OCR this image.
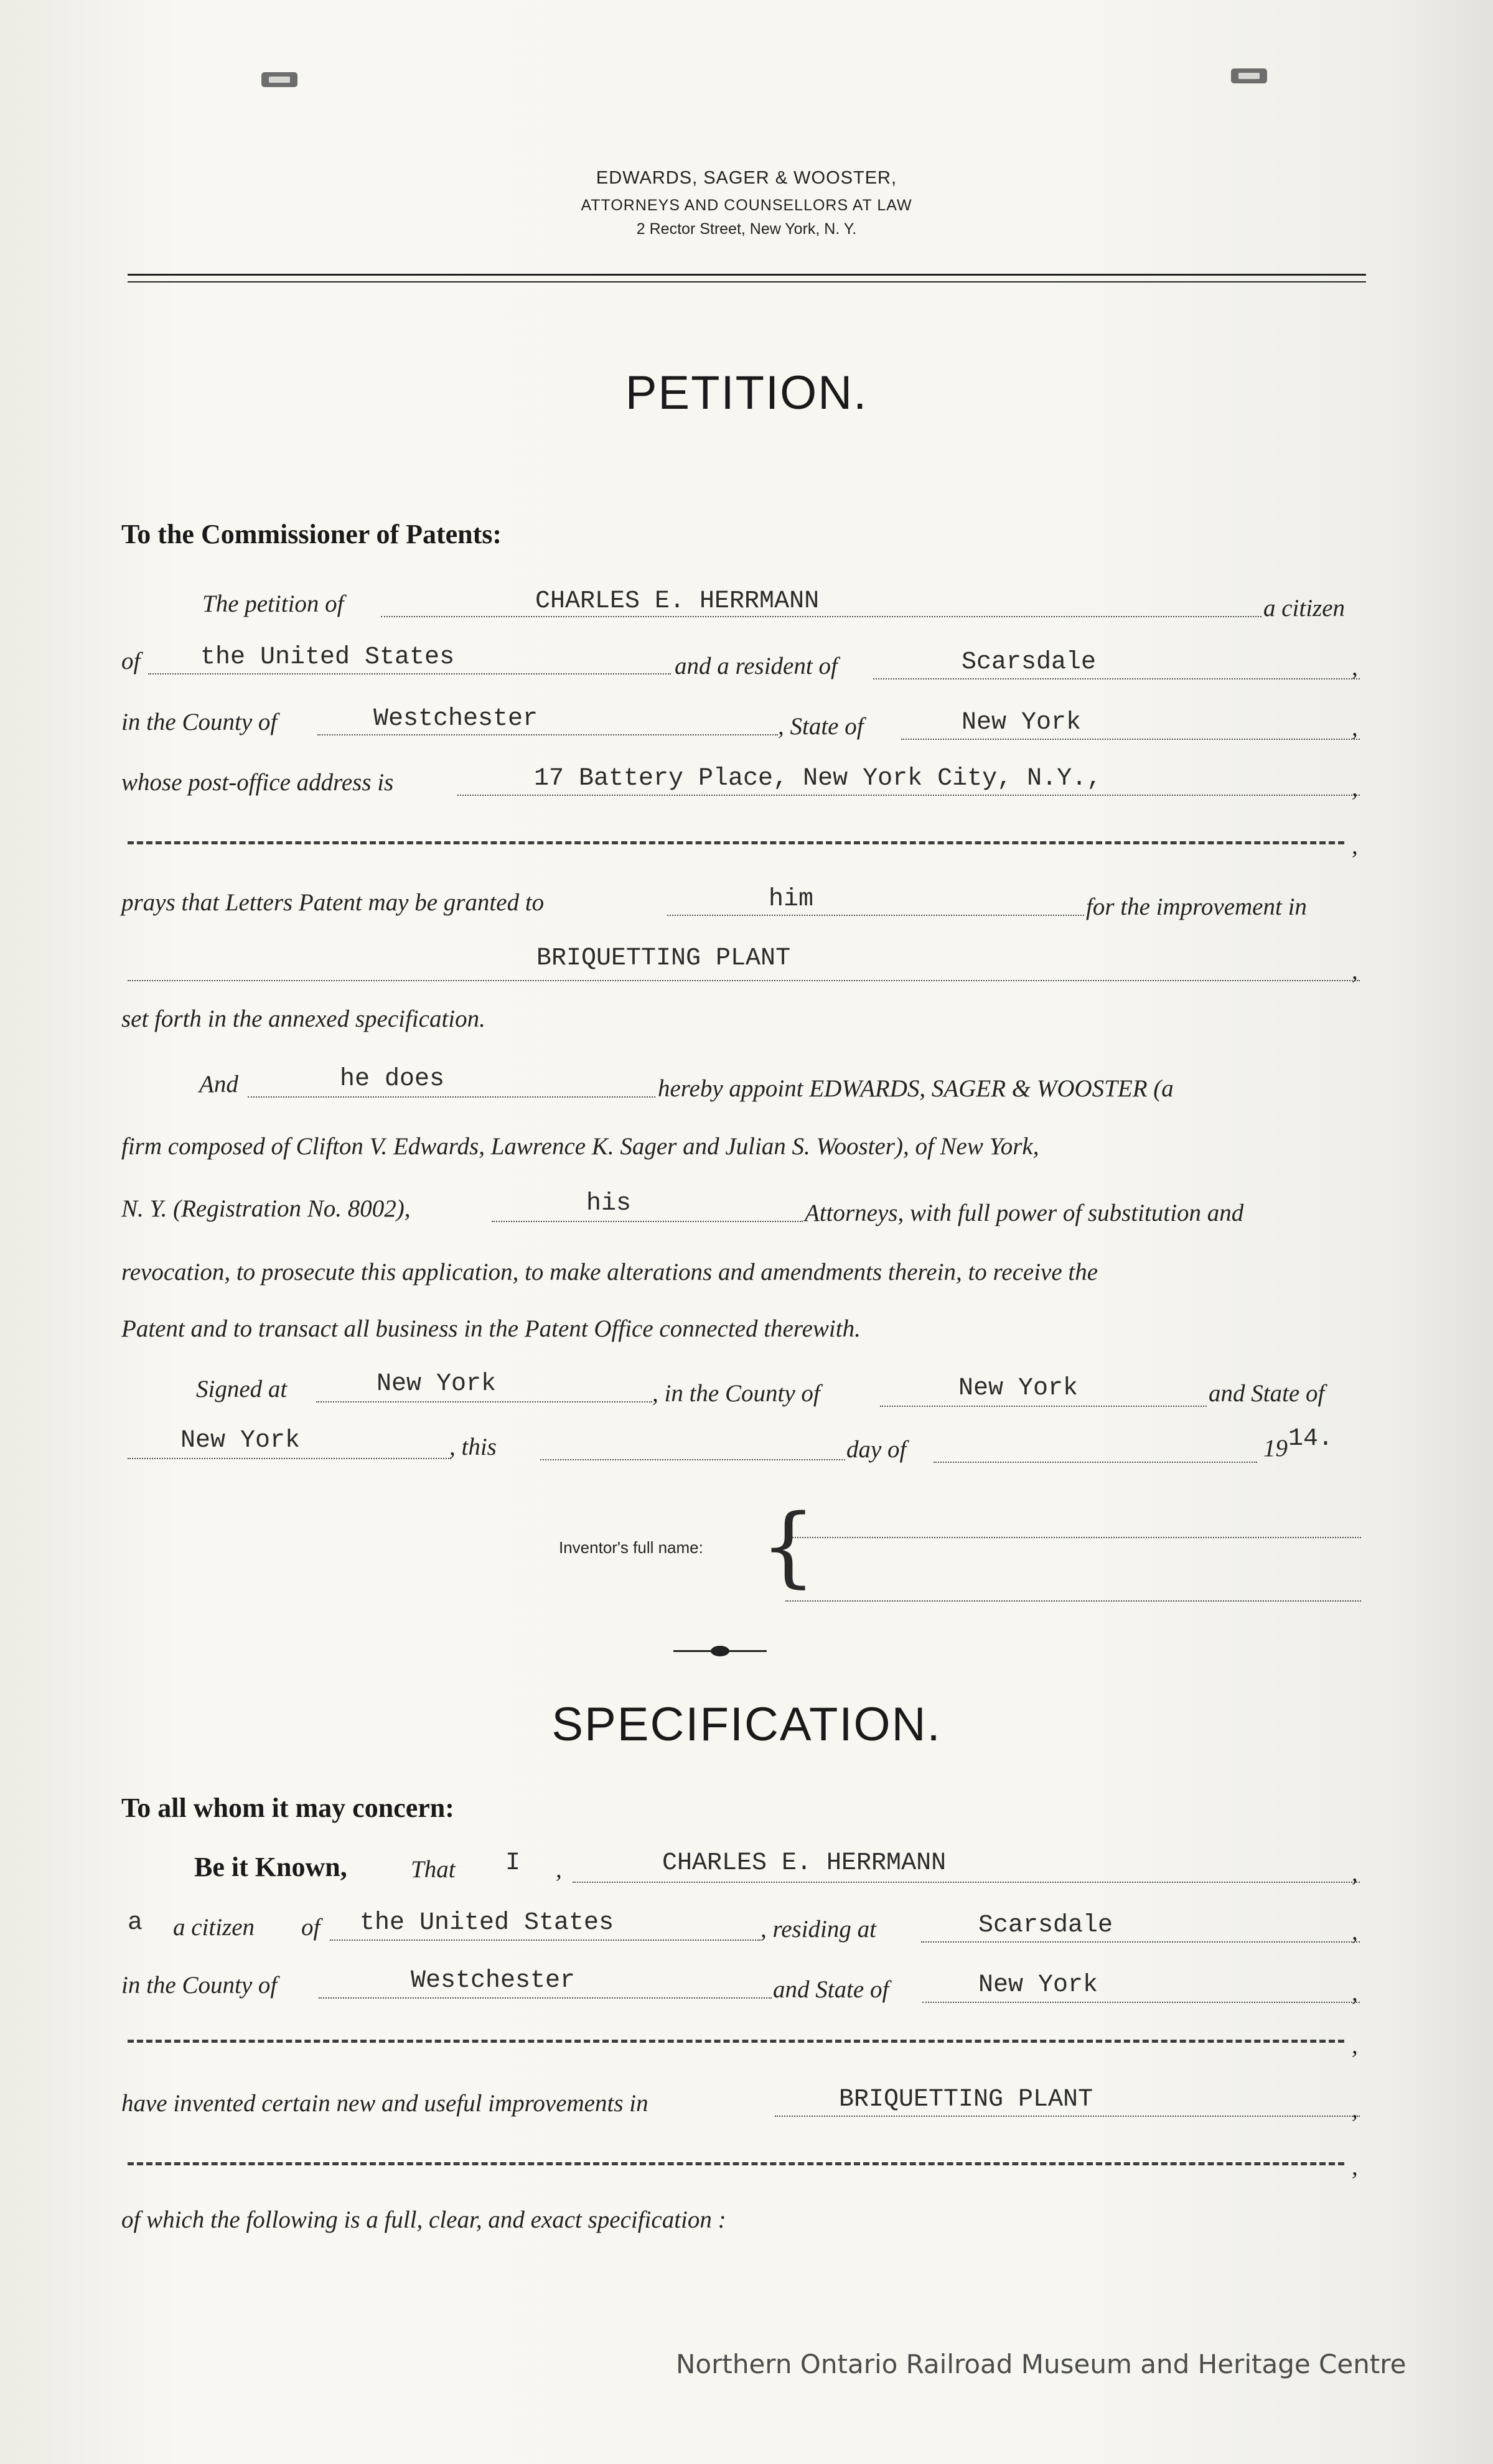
EDWARDS, SAGER & WOOSTER,
ATTORNEYS AND COUNSELLORS AT LAW
2 Rector Street, New York, N. Y.
PETITION.
To the Commissioner of Patents:
The petition of	CHARLES E. HERRMANN	a citizen
of the United States	and a resident of	Scarsdale	,
in the County of	Westchester	, State of	New York	,
whose post-office address is	17 Battery Place, New York City, N.Y.,	,
,
prays that Letters Patent may be granted to	him	for the improvement in
BRIQUETTING PLANT	,
set forth in the annexed specification.
And	he does	hereby appoint EDWARDS, SAGER & WOOSTER (a
firm composed of Clifton V. Edwards, Lawrence K. Sager and Julian S. Wooster), of New York,
N. Y. (Registration No. 8002),	his	Attorneys, with full power of substitution and
revocation, to prosecute this application, to make alterations and amendments therein, to receive the
Patent and to transact all business in the Patent Office connected therewith.
Signed at	New York	, in the County of	New York	and State of
New York	, this	day of	19 14.
Inventor's full name: {
SPECIFICATION.
To all whom it may concern:
Be it Known,	That I ,	CHARLES E. HERRMANN	,
a a citizen of the United States	, residing at	Scarsdale	,
in the County of	Westchester	and State of	New York	,
,
have invented certain new and useful improvements in	BRIQUETTING PLANT	,
,
of which the following is a full, clear, and exact specification :
Northern Ontario Railroad Museum and Heritage Centre
